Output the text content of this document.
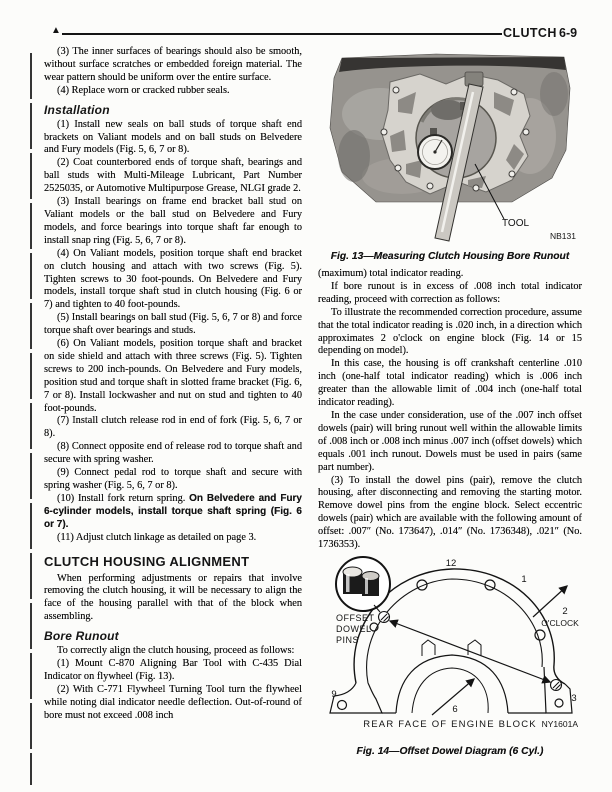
▲	CLUTCH 6-9

(3) The inner surfaces of bearings should also be smooth, without surface scratches or embedded foreign material. The wear pattern should be uniform over the entire surface.

(4) Replace worn or cracked rubber seals.

Installation

(1) Install new seals on ball studs of torque shaft end brackets on Valiant models and on ball studs on Belvedere and Fury models (Fig. 5, 6, 7 or 8).

(2) Coat counterbored ends of torque shaft, bearings and ball studs with Multi-Mileage Lubricant, Part Number 2525035, or Automotive Multipurpose Grease, NLGI grade 2.

(3) Install bearings on frame end bracket ball stud on Valiant models or the ball stud on Belvedere and Fury models, and force bearings into torque shaft far enough to install snap ring (Fig. 5, 6, 7 or 8).

(4) On Valiant models, position torque shaft end bracket on clutch housing and attach with two screws (Fig. 5). Tighten screws to 30 foot-pounds. On Belvedere and Fury models, install torque shaft stud in clutch housing (Fig. 6 or 7) and tighten to 40 foot-pounds.

(5) Install bearings on ball stud (Fig. 5, 6, 7 or 8) and force torque shaft over bearings and studs.

(6) On Valiant models, position torque shaft and bracket on side shield and attach with three screws (Fig. 5). Tighten screws to 200 inch-pounds. On Belvedere and Fury models, position stud and torque shaft in slotted frame bracket (Fig. 6, 7 or 8). Install lockwasher and nut on stud and tighten to 40 foot-pounds.

(7) Install clutch release rod in end of fork (Fig. 5, 6, 7 or 8).

(8) Connect opposite end of release rod to torque shaft and secure with spring washer.

(9) Connect pedal rod to torque shaft and secure with spring washer (Fig. 5, 6, 7 or 8).

(10) Install fork return spring. On Belvedere and Fury 6-cylinder models, install torque shaft spring (Fig. 6 or 7).

(11) Adjust clutch linkage as detailed on page 3.

CLUTCH HOUSING ALIGNMENT

When performing adjustments or repairs that involve removing the clutch housing, it will be necessary to align the face of the housing parallel with that of the block when assembling.

Bore Runout

To correctly align the clutch housing, proceed as follows:

(1) Mount C-870 Aligning Bar Tool with C-435 Dial Indicator on flywheel (Fig. 13).

(2) With C-771 Flywheel Turning Tool turn the flywheel while noting dial indicator needle deflection. Out-of-round of bore must not exceed .008 inch

TOOL
NB131
Fig. 13—Measuring Clutch Housing Bore Runout

(maximum) total indicator reading.

If bore runout is in excess of .008 inch total indicator reading, proceed with correction as follows:

To illustrate the recommended correction procedure, assume that the total indicator reading is .020 inch, in a direction which approximates 2 o'clock on engine block (Fig. 14 or 15 depending on model).

In this case, the housing is off crankshaft centerline .010 inch (one-half total indicator reading) which is .006 inch greater than the allowable limit of .004 inch (one-half total indicator reading).

In the case under consideration, use of the .007 inch offset dowels (pair) will bring runout well within the allowable limits of .008 inch or .008 inch minus .007 inch (offset dowels) which equals .001 inch runout. Dowels must be used in pairs (same part number).

(3) To install the dowel pins (pair), remove the clutch housing, after disconnecting and removing the starting motor. Remove dowel pins from the engine block. Select eccentric dowels (pair) which are available with the following amount of offset: .007″ (No. 173647), .014″ (No. 1736348), .021″ (No. 1736353).

OFFSET
DOWEL
PINS
12
1
2
O'CLOCK
3
9
6
REAR FACE OF ENGINE BLOCK NY1601A
Fig. 14—Offset Dowel Diagram (6 Cyl.)
